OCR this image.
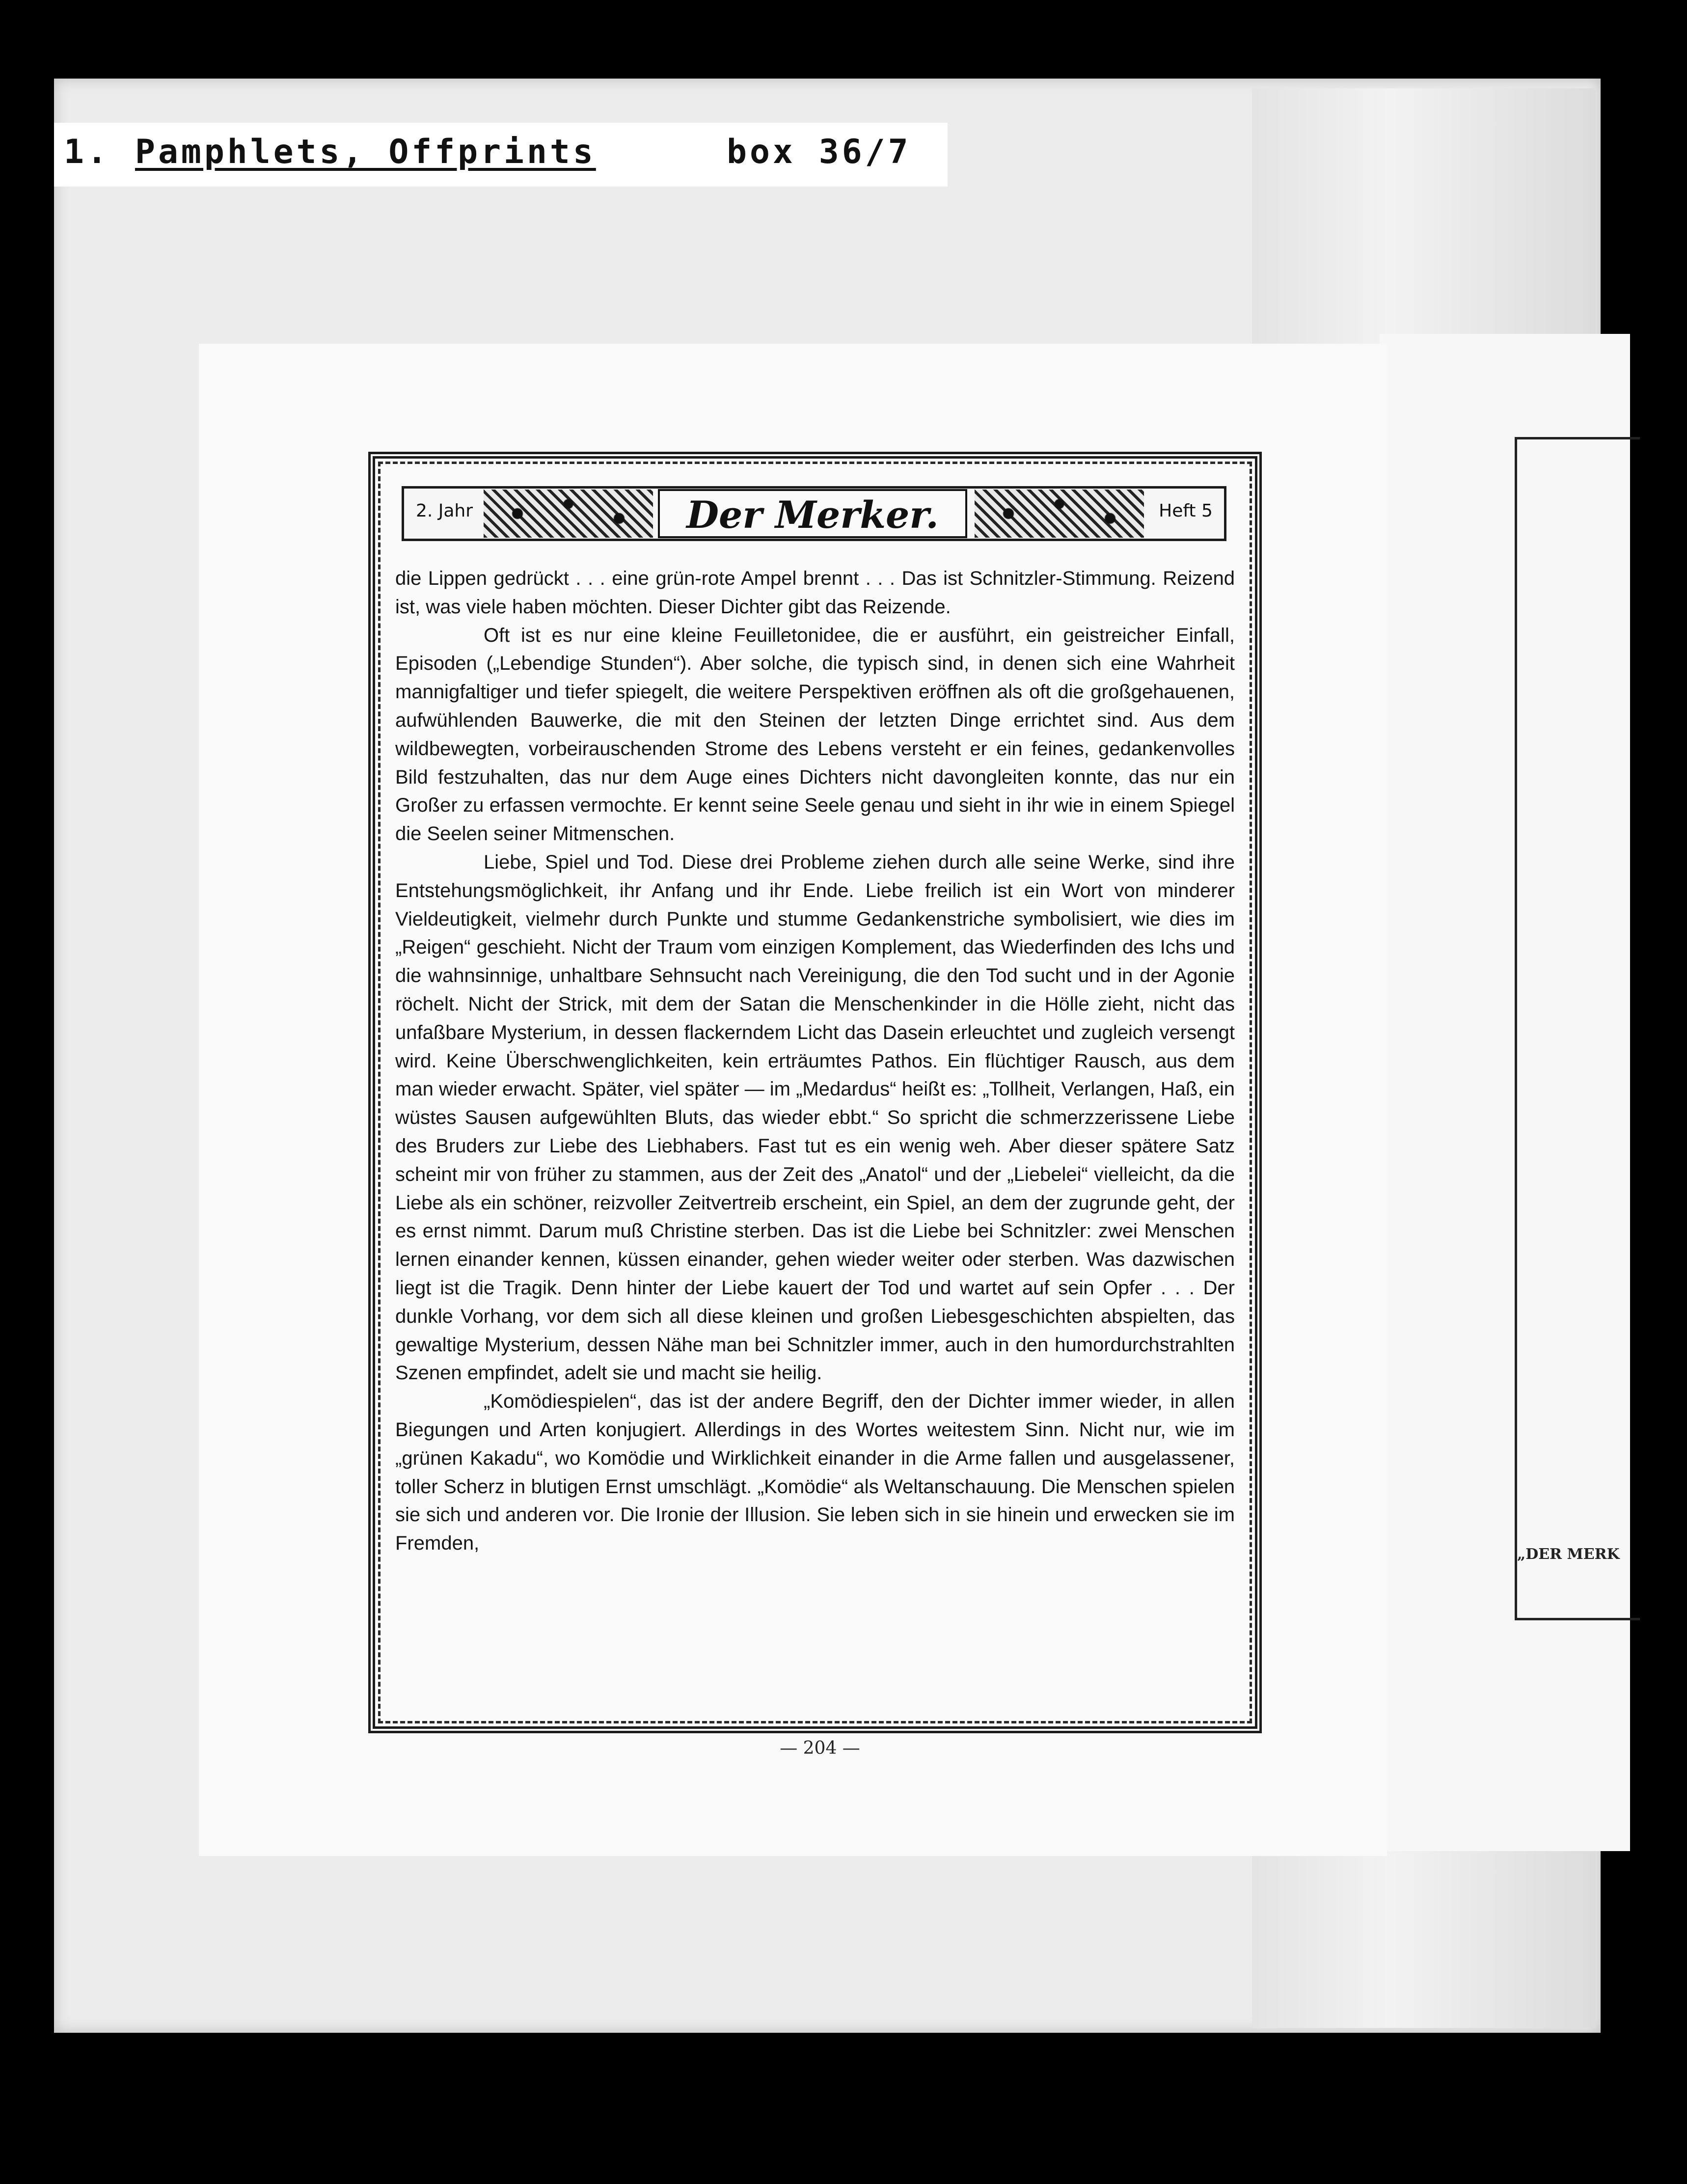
1. Pamphlets, Offprints	box 36/7
„DER MERK
2. Jahr	Der Merker.	Heft 5

die Lippen gedrückt . . . eine grün-rote Ampel brennt . . . Das ist Schnitzler-Stimmung. Reizend ist, was viele haben möchten. Dieser Dichter gibt das Reizende.

Oft ist es nur eine kleine Feuilletonidee, die er ausführt, ein geistreicher Einfall, Episoden („Lebendige Stunden“). Aber solche, die typisch sind, in denen sich eine Wahrheit mannigfaltiger und tiefer spiegelt, die weitere Perspektiven eröffnen als oft die großgehauenen, aufwühlenden Bauwerke, die mit den Steinen der letzten Dinge errichtet sind. Aus dem wildbewegten, vorbeirauschenden Strome des Lebens versteht er ein feines, gedankenvolles Bild festzuhalten, das nur dem Auge eines Dichters nicht davongleiten konnte, das nur ein Großer zu erfassen vermochte. Er kennt seine Seele genau und sieht in ihr wie in einem Spiegel die Seelen seiner Mitmenschen.

Liebe, Spiel und Tod. Diese drei Probleme ziehen durch alle seine Werke, sind ihre Entstehungsmöglichkeit, ihr Anfang und ihr Ende. Liebe freilich ist ein Wort von minderer Vieldeutigkeit, vielmehr durch Punkte und stumme Gedankenstriche symbolisiert, wie dies im „Reigen“ geschieht. Nicht der Traum vom einzigen Komplement, das Wiederfinden des Ichs und die wahnsinnige, unhaltbare Sehnsucht nach Vereinigung, die den Tod sucht und in der Agonie röchelt. Nicht der Strick, mit dem der Satan die Menschenkinder in die Hölle zieht, nicht das unfaßbare Mysterium, in dessen flackerndem Licht das Dasein erleuchtet und zugleich versengt wird. Keine Überschwenglichkeiten, kein erträumtes Pathos. Ein flüchtiger Rausch, aus dem man wieder erwacht. Später, viel später — im „Medardus“ heißt es: „Tollheit, Verlangen, Haß, ein wüstes Sausen aufgewühlten Bluts, das wieder ebbt.“ So spricht die schmerzzerissene Liebe des Bruders zur Liebe des Liebhabers. Fast tut es ein wenig weh. Aber dieser spätere Satz scheint mir von früher zu stammen, aus der Zeit des „Anatol“ und der „Liebelei“ vielleicht, da die Liebe als ein schöner, reizvoller Zeitvertreib erscheint, ein Spiel, an dem der zugrunde geht, der es ernst nimmt. Darum muß Christine sterben. Das ist die Liebe bei Schnitzler: zwei Menschen lernen einander kennen, küssen einander, gehen wieder weiter oder sterben. Was dazwischen liegt ist die Tragik. Denn hinter der Liebe kauert der Tod und wartet auf sein Opfer . . . Der dunkle Vorhang, vor dem sich all diese kleinen und großen Liebesgeschichten abspielten, das gewaltige Mysterium, dessen Nähe man bei Schnitzler immer, auch in den humordurchstrahlten Szenen empfindet, adelt sie und macht sie heilig.

„Komödiespielen“, das ist der andere Begriff, den der Dichter immer wieder, in allen Biegungen und Arten konjugiert. Allerdings in des Wortes weitestem Sinn. Nicht nur, wie im „grünen Kakadu“, wo Komödie und Wirklichkeit einander in die Arme fallen und ausgelassener, toller Scherz in blutigen Ernst umschlägt. „Komödie“ als Weltanschauung. Die Menschen spielen sie sich und anderen vor. Die Ironie der Illusion. Sie leben sich in sie hinein und erwecken sie im Fremden,

— 204 —
